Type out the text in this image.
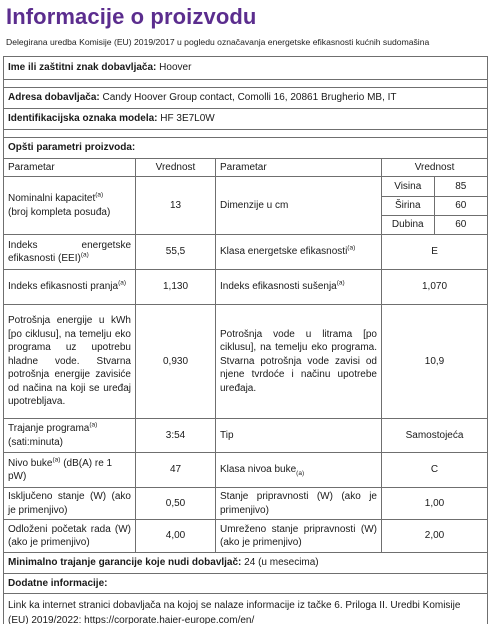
Informacije o proizvodu
Delegirana uredba Komisije (EU) 2019/2017 u pogledu označavanja energetske efikasnosti kućnih sudomašina
Ime ili zaštitni znak dobavljača: Hoover

Adresa dobavljača: Candy Hoover Group contact, Comolli 16, 20861 Brugherio MB, IT
Identifikacijska oznaka modela: HF 3E7L0W

Opšti parametri proizvoda:
Parametar	Vrednost	Parametar	Vrednost
Nominalni kapacitet$^{(a)}$
(broj kompleta posuđa)	13	Dimenzije u cm	
Visina	85
Širina	60
Dubina	60

Indeks energetske efikasnosti (EEI)$^{(a)}$	55,5	Klasa energetske efikasnosti$^{(a)}$	E
Indeks efikasnosti pranja$^{(a)}$	1,130	Indeks efikasnosti sušenja$^{(a)}$	1,070
Potrošnja energije u kWh [po ciklusu], na temelju eko programa uz upotrebu hladne vode. Stvarna potrošnja energije zavisiće od načina na koji se uređaj upotrebljava.	0,930	Potrošnja vode u litrama [po ciklusu], na temelju eko programa. Stvarna potrošnja vode zavisi od njene tvrdoće i načinu upotrebe uređaja.	10,9
Trajanje programa$^{(a)}$
(sati:minuta)	3:54	Tip	Samostojeća
Nivo buke$^{(a)}$ (dB(A) re 1 pW)	47	Klasa nivoa buke$_{(a)}$	C
Isključeno stanje (W) (ako je primenjivo)	0,50	Stanje pripravnosti (W) (ako je primenjivo)	1,00
Odloženi početak rada (W) (ako je primenjivo)	4,00	Umreženo stanje pripravnosti (W) (ako je primenjivo)	2,00
Minimalno trajanje garancije koje nudi dobavljač: 24 (u mesecima)
Dodatne informacije:
Link ka internet stranici dobavljača na kojoj se nalaze informacije iz tačke 6. Priloga II. Uredbi Komisije (EU) 2019/2022: https://corporate.haier-europe.com/en/
